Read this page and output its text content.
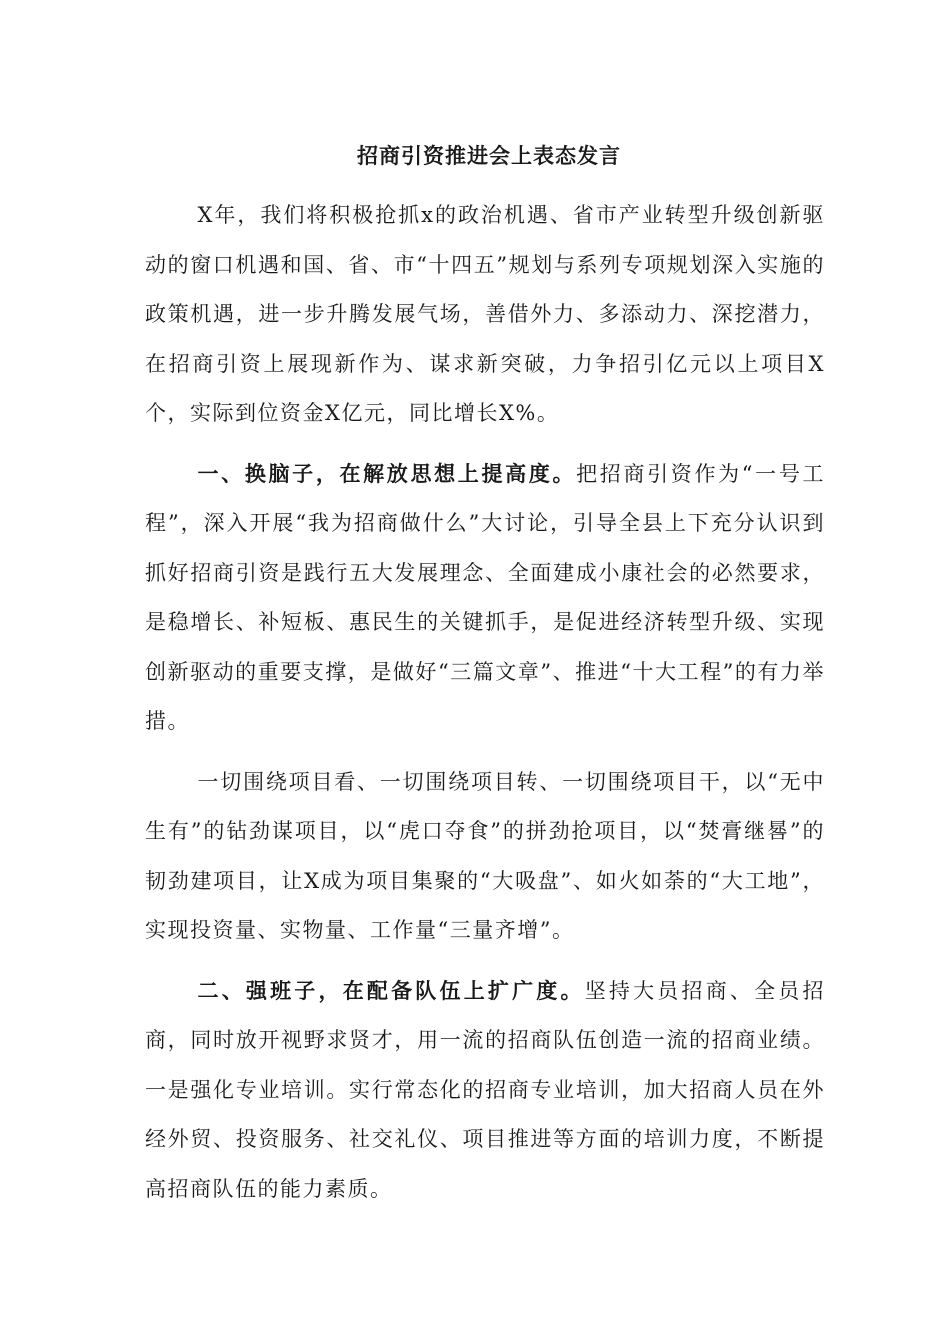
招商引资推进会上表态发言

X年，我们将积极抢抓x的政治机遇、省市产业转型升级创新驱动的窗口机遇和国、省、市“十四五”规划与系列专项规划深入实施的政策机遇，进一步升腾发展气场，善借外力、多添动力、深挖潜力，在招商引资上展现新作为、谋求新突破，力争招引亿元以上项目X个，实际到位资金X亿元，同比增长X%。

一、换脑子，在解放思想上提高度。把招商引资作为“一号工程”，深入开展“我为招商做什么”大讨论，引导全县上下充分认识到抓好招商引资是践行五大发展理念、全面建成小康社会的必然要求，是稳增长、补短板、惠民生的关键抓手，是促进经济转型升级、实现创新驱动的重要支撑，是做好“三篇文章”、推进“十大工程”的有力举措。

一切围绕项目看、一切围绕项目转、一切围绕项目干，以“无中生有”的钻劲谋项目，以“虎口夺食”的拼劲抢项目，以“焚膏继晷”的韧劲建项目，让X成为项目集聚的“大吸盘”、如火如荼的“大工地”，实现投资量、实物量、工作量“三量齐增”。

二、强班子，在配备队伍上扩广度。坚持大员招商、全员招商，同时放开视野求贤才，用一流的招商队伍创造一流的招商业绩。一是强化专业培训。实行常态化的招商专业培训，加大招商人员在外经外贸、投资服务、社交礼仪、项目推进等方面的培训力度，不断提高招商队伍的能力素质。
